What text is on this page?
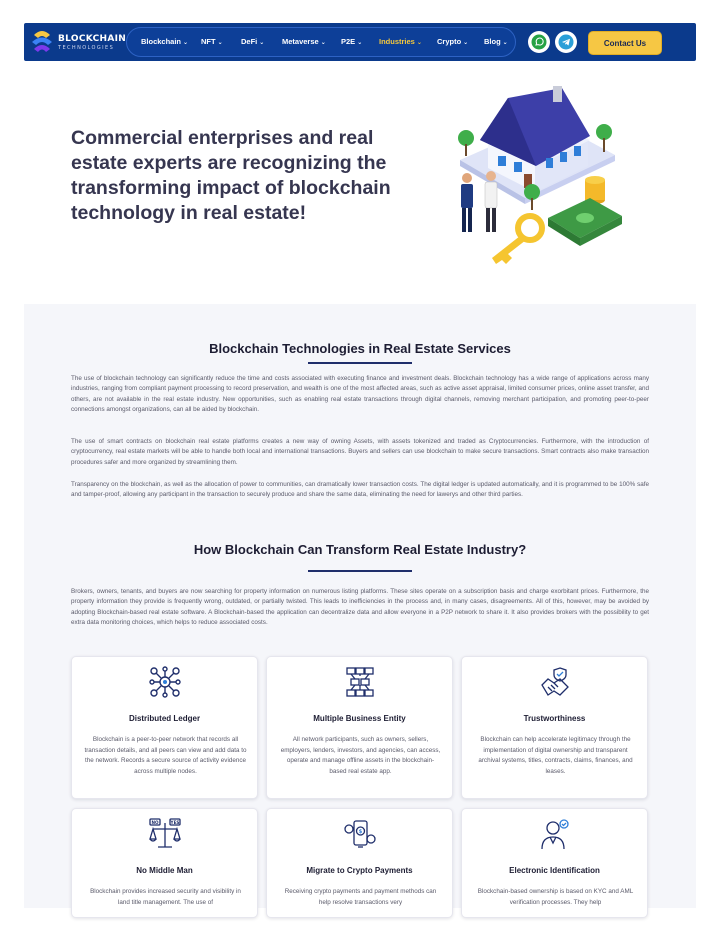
BLOCKCHAIN
TECHNOLOGIES
Blockchain ⌄ NFT ⌄ DeFi ⌄ Metaverse ⌄ P2E ⌄ Industries ⌄ Crypto ⌄ Blog ⌄	Contact Us
Commercial enterprises and real estate experts are recognizing the transforming impact of blockchain technology in real estate!
Blockchain Technologies in Real Estate Services

The use of blockchain technology can significantly reduce the time and costs associated with executing finance and investment deals. Blockchain technology has a wide range of applications across many industries, ranging from compliant payment processing to record preservation, and wealth is one of the most affected areas, such as active asset appraisal, limited consumer prices, online asset transfer, and others, are not available in the real estate industry. New opportunities, such as enabling real estate transactions through digital channels, removing merchant participation, and promoting peer-to-peer connections amongst organizations, can all be aided by blockchain.

The use of smart contracts on blockchain real estate platforms creates a new way of owning Assets, with assets tokenized and traded as Cryptocurrencies. Furthermore, with the introduction of cryptocurrency, real estate markets will be able to handle both local and international transactions. Buyers and sellers can use blockchain to make secure transactions. Smart contracts also make transaction procedures safer and more organized by streamlining them.

Transparency on the blockchain, as well as the allocation of power to communities, can dramatically lower transaction costs. The digital ledger is updated automatically, and it is programmed to be 100% safe and tamper-proof, allowing any participant in the transaction to securely produce and share the same data, eliminating the need for lawerys and other third parties.

How Blockchain Can Transform Real Estate Industry?

Brokers, owners, tenants, and buyers are now searching for property information on numerous listing platforms. These sites operate on a subscription basis and charge exorbitant prices. Furthermore, the property information they provide is frequently wrong, outdated, or partially twisted. This leads to inefficiencies in the process and, in many cases, disagreements. All of this, however, may be avoided by adopting Blockchain-based real estate software. A Blockchain-based the application can decentralize data and allow everyone in a P2P network to share it. It also provides brokers with the possibility to get extra data monitoring choices, which helps to reduce associated costs.

Distributed Ledger
Blockchain is a peer-to-peer network that records all transaction details, and all peers can view and add data to the network. Records a secure source of activity evidence across multiple nodes.
Multiple Business Entity
All network participants, such as owners, sellers, employers, lenders, investors, and agencies, can access, operate and manage offline assets in the blockchain-based real estate app.
Trustworthiness
Blockchain can help accelerate legitimacy through the implementation of digital ownership and transparent archival systems, titles, contracts, claims, finances, and leases.
NO	YES
No Middle Man
Blockchain provides increased security and visibility in land title management. The use of
$
Migrate to Crypto Payments
Receiving crypto payments and payment methods can help resolve transactions very
Electronic Identification
Blockchain-based ownership is based on KYC and AML verification processes. They help
